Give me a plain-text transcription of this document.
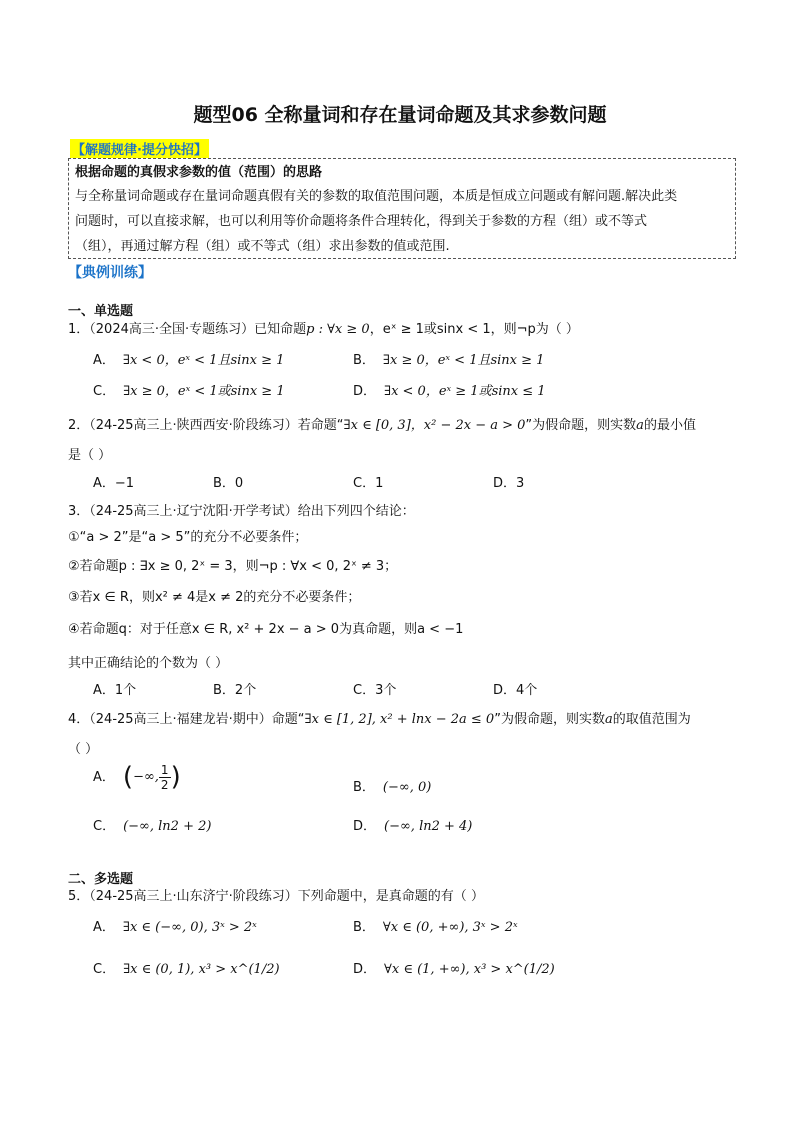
题型06 全称量词和存在量词命题及其求参数问题
【解题规律·提分快招】
根据命题的真假求参数的值（范围）的思路
与全称量词命题或存在量词命题真假有关的参数的取值范围问题，本质是恒成立问题或有解问题.解决此类
问题时，可以直接求解，也可以利用等价命题将条件合理转化，得到关于参数的方程（组）或不等式
（组），再通过解方程（组）或不等式（组）求出参数的值或范围.
【典例训练】
一、单选题
1．（2024高三·全国·专题练习）已知命题p : ∀x ≥ 0，eˣ ≥ 1或sinx < 1，则¬p为（ ）
A． ∃x < 0，eˣ < 1且sinx ≥ 1	B． ∃x ≥ 0，eˣ < 1且sinx ≥ 1
C． ∃x ≥ 0，eˣ < 1或sinx ≥ 1	D． ∃x < 0，eˣ ≥ 1或sinx ≤ 1
2．（24-25高三上·陕西西安·阶段练习）若命题“∃x ∈ [0, 3]，x² − 2x − a > 0”为假命题，则实数a的最小值
是（ ）
A．−1	B．0	C．1	D．3
3．（24-25高三上·辽宁沈阳·开学考试）给出下列四个结论：
①“a > 2”是“a > 5”的充分不必要条件；
②若命题p : ∃x ≥ 0, 2ˣ = 3，则¬p : ∀x < 0, 2ˣ ≠ 3；
③若x ∈ R，则x² ≠ 4是x ≠ 2的充分不必要条件；
④若命题q：对于任意x ∈ R, x² + 2x − a > 0为真命题，则a < −1
其中正确结论的个数为（ ）
A．1个	B．2个	C．3个	D．4个
4．（24-25高三上·福建龙岩·期中）命题“∃x ∈ [1, 2], x² + lnx − 2a ≤ 0”为假命题，则实数a的取值范围为
（ ）
A． (−∞, $\frac{1}{2}$ )	B． (−∞, 0)
C． (−∞, ln2 + 2)	D． (−∞, ln2 + 4)
二、多选题
5．（24-25高三上·山东济宁·阶段练习）下列命题中，是真命题的有（ ）
A． ∃x ∈ (−∞, 0), 3ˣ > 2ˣ	B． ∀x ∈ (0, +∞), 3ˣ > 2ˣ
C． ∃x ∈ (0, 1), x³ > x^(1/2)	D． ∀x ∈ (1, +∞), x³ > x^(1/2)
